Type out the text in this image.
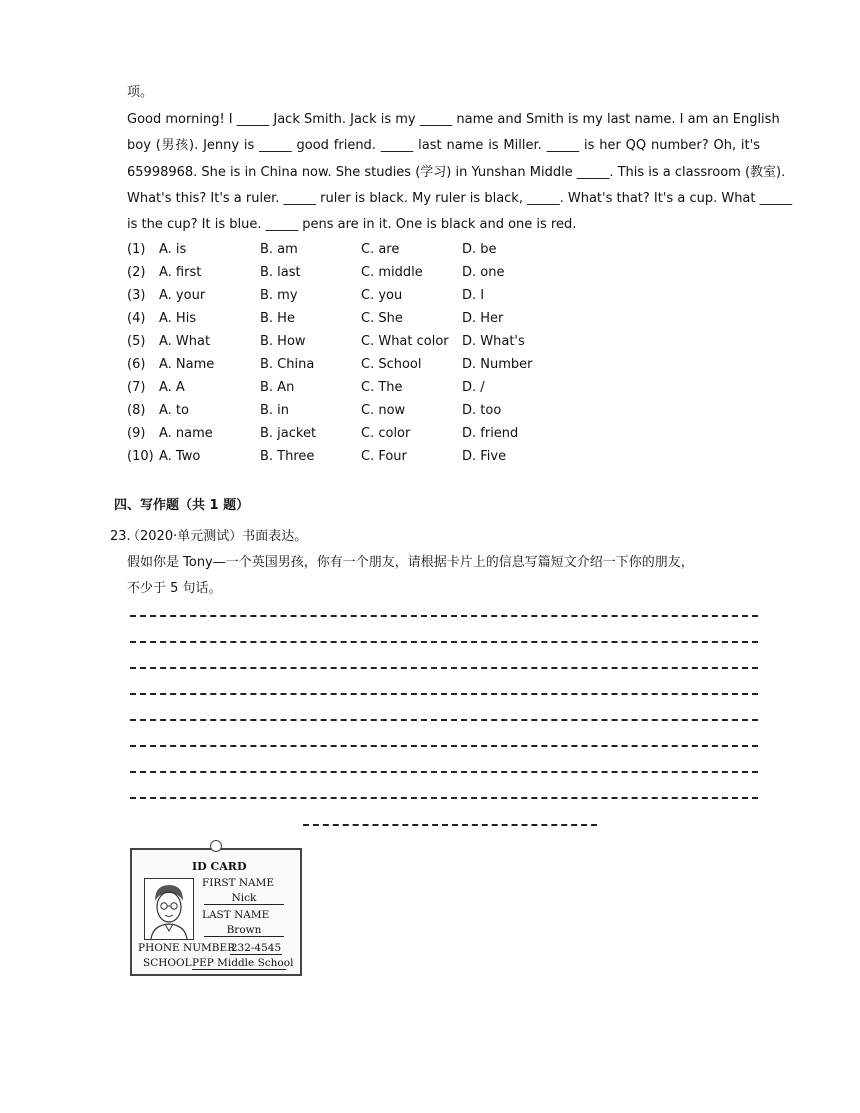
项。
Good morning! I _____ Jack Smith. Jack is my _____ name and Smith is my last name. I am an English
boy (男孩). Jenny is _____ good friend. _____ last name is Miller. _____ is her QQ number? Oh, it's
65998968. She is in China now. She studies (学习) in Yunshan Middle _____. This is a classroom (教室).
What's this? It's a ruler. _____ ruler is black. My ruler is black, _____. What's that? It's a cup. What _____
is the cup? It is blue. _____ pens are in it. One is black and one is red.
(1) A. is	B. am	C. are	D. be
(2) A. first	B. last	C. middle	D. one
(3) A. your	B. my	C. you	D. I
(4) A. His	B. He	C. She	D. Her
(5) A. What	B. How	C. What color D. What's
(6) A. Name	B. China	C. School	D. Number
(7) A. A	B. An	C. The	D. /
(8) A. to	B. in	C. now	D. too
(9) A. name	B. jacket	C. color	D. friend
(10) A. Two	B. Three	C. Four	D. Five
四、写作题（共 1 题）
23.
（2020·单元测试）书面表达。
假如你是 Tony—一个英国男孩，你有一个朋友，请根据卡片上的信息写篇短文介绍一下你的朋友，
不少于 5 句话。
ID CARD
FIRST NAME
Nick
LAST NAME
Brown
PHONE NUMBER
232-4545
SCHOOL PEP Middle School
